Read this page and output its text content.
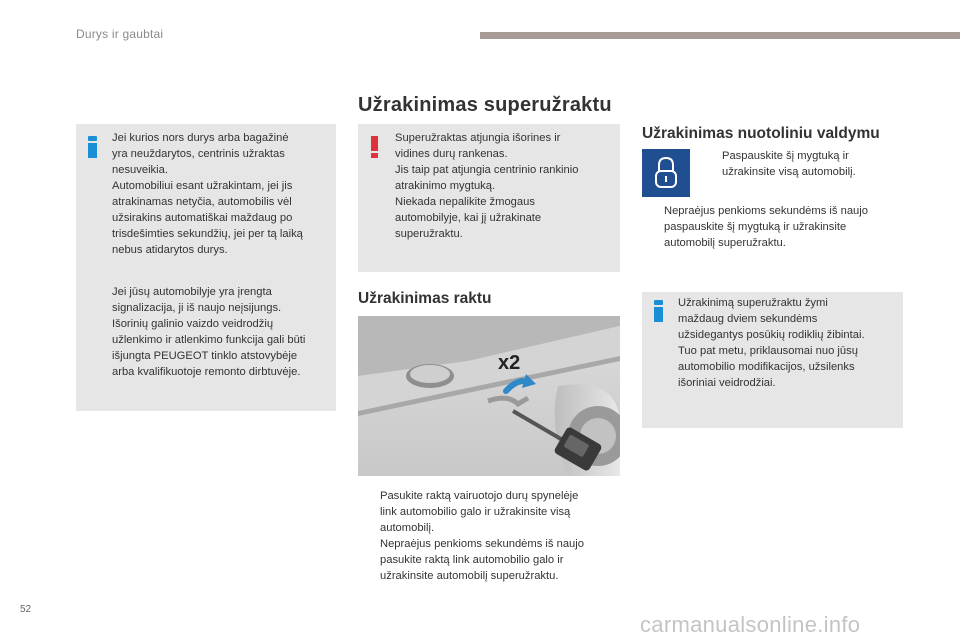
Durys ir gaubtai
Užrakinimas superužraktu

Jei kurios nors durys arba bagažinė

yra neuždarytos, centrinis užraktas

nesuveikia.

Automobiliui esant užrakintam, jei jis

atrakinamas netyčia, automobilis vėl

užsirakins automatiškai maždaug po

trisdešimties sekundžių, jei per tą laiką

nebus atidarytos durys.

Jei jūsų automobilyje yra įrengta

signalizacija, ji iš naujo neįsijungs.

Išorinių galinio vaizdo veidrodžių

užlenkimo ir atlenkimo funkcija gali būti

išjungta PEUGEOT tinklo atstovybėje

arba kvalifikuotoje remonto dirbtuvėje.

Superužraktas atjungia išorines ir

vidines durų rankenas.

Jis taip pat atjungia centrinio rankinio

atrakinimo mygtuką.

Niekada nepalikite žmogaus

automobilyje, kai jį užrakinate

superužraktu.

Užrakinimas raktu
x2

Pasukite raktą vairuotojo durų spynelėje

link automobilio galo ir užrakinsite visą

automobilį.

Nepraėjus penkioms sekundėms iš naujo

pasukite raktą link automobilio galo ir

užrakinsite automobilį superužraktu.

Užrakinimas nuotoliniu valdymu

Paspauskite šį mygtuką ir

užrakinsite visą automobilį.

Nepraėjus penkioms sekundėms iš naujo

paspauskite šį mygtuką ir užrakinsite

automobilį superužraktu.

Užrakinimą superužraktu žymi

maždaug dviem sekundėms

užsidegantys posūkių rodiklių žibintai.

Tuo pat metu, priklausomai nuo jūsų

automobilio modifikacijos, užsilenks

išoriniai veidrodžiai.

52
carmanualsonline.info
